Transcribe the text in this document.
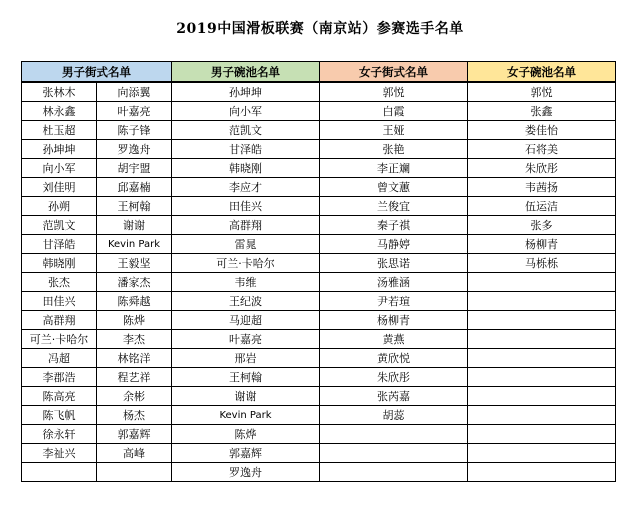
2019中国滑板联赛（南京站）参赛选手名单
男子街式名单		男子碗池名单	女子街式名单	女子碗池名单

张林木	向添翼	孙坤坤	郭悦	郭悦
林永鑫	叶嘉亮	向小军	白霞	张鑫
杜玉超	陈子锋	范凯文	王娅	娄佳怡
孙坤坤	罗逸舟	甘泽皓	张艳	石将美
向小军	胡宇盟	韩晓刚	李正斓	朱欣彤
刘佳明	邱嘉楠	李应才	曾文蕙	韦茜扬
孙朔	王柯翰	田佳兴	兰俊宜	伍运洁
范凯文	谢谢	高群翔	秦子祺	张多
甘泽皓	Kevin Park	雷晁	马静婷	杨柳青
韩晓刚	王毅坚	可兰·卡哈尔	张思诺	马栎栎
张杰	潘家杰	韦维	汤雅涵	
田佳兴	陈舜越	王纪波	尹若瑄	
高群翔	陈烨	马迎超	杨柳青	
可兰·卡哈尔	李杰	叶嘉亮	黄燕	
冯超	林铭洋	邢岩	黄欣悦	
李郡浩	程艺祥	王柯翰	朱欣彤	
陈高亮	余彬	谢谢	张芮嘉	
陈飞帆	杨杰	Kevin Park	胡蕊	
徐永轩	郭嘉辉	陈烨		
李祉兴	高峰	郭嘉辉		
		罗逸舟		
